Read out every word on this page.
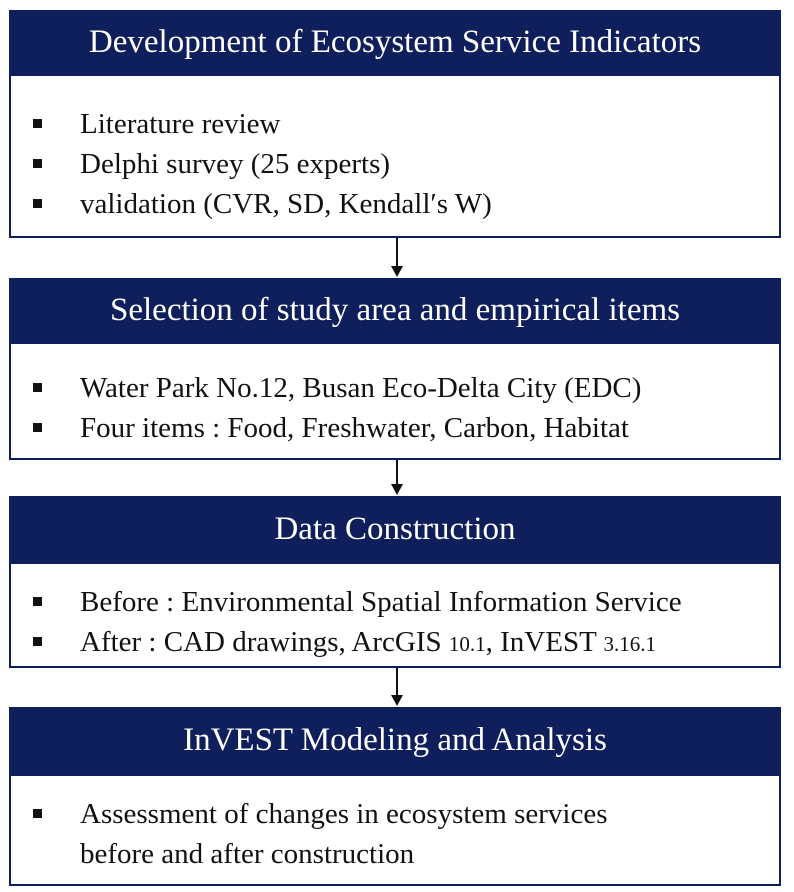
Development of Ecosystem Service Indicators
Literature review
Delphi survey (25 experts)
validation (CVR, SD, Kendall′s W)
Selection of study area and empirical items
Water Park No.12, Busan Eco-Delta City (EDC)
Four items : Food, Freshwater, Carbon, Habitat
Data Construction
Before : Environmental Spatial Information Service
After : CAD drawings, ArcGIS 10.1, InVEST 3.16.1
InVEST Modeling and Analysis
Assessment of changes in ecosystem services
before and after construction
